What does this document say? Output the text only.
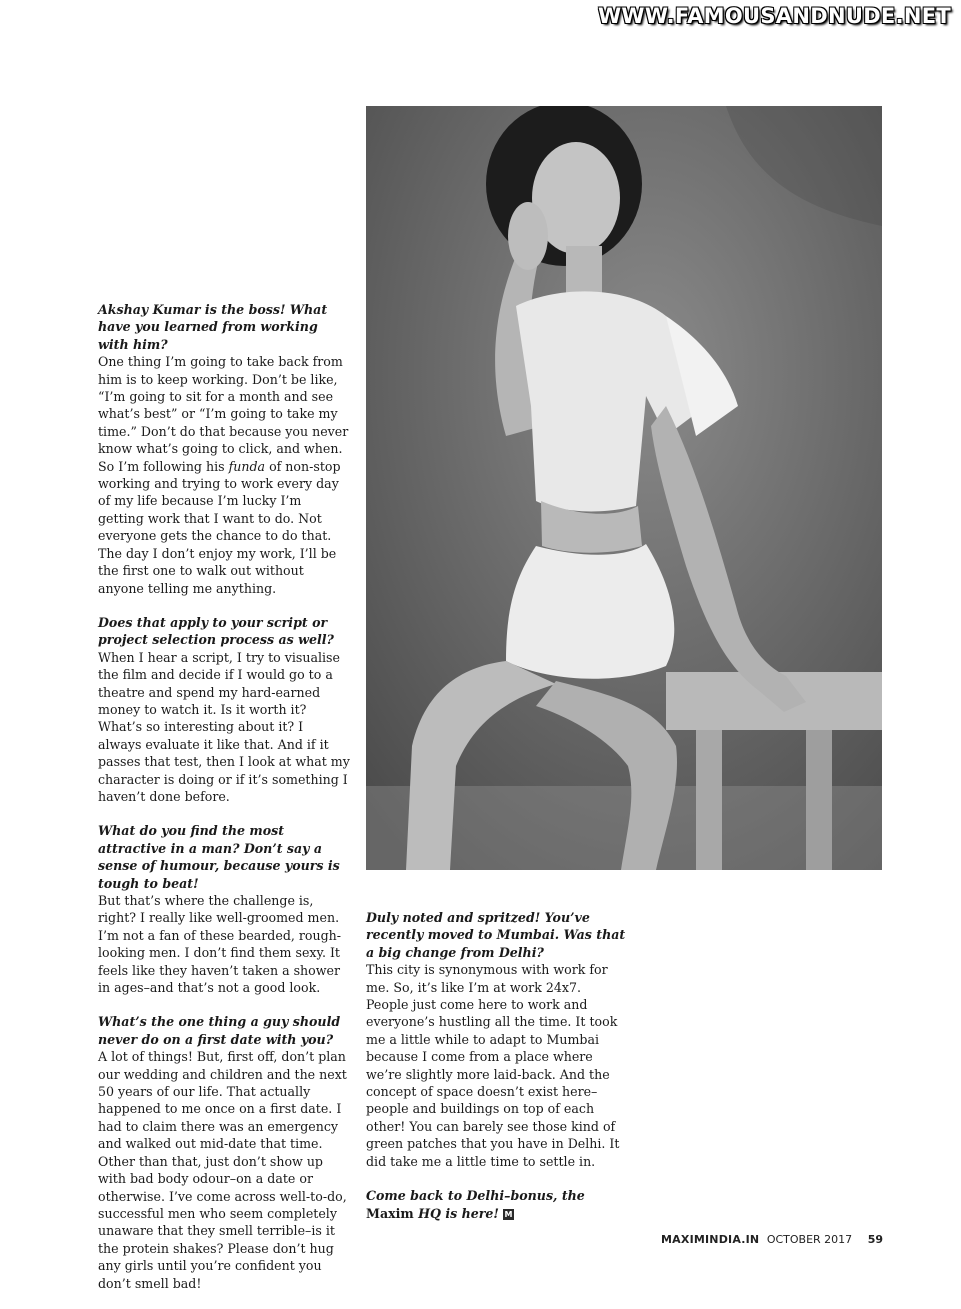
WWW.FAMOUSANDNUDE.NET

Akshay Kumar is the boss! What have you learned from working with him?

One thing I’m going to take back from him is to keep working. Don’t be like, “I’m going to sit for a month and see what’s best” or “I’m going to take my time.” Don’t do that because you never know what’s going to click, and when. So I’m following his funda of non-stop working and trying to work every day of my life because I’m lucky I’m getting work that I want to do. Not everyone gets the chance to do that. The day I don’t enjoy my work, I’ll be the first one to walk out without anyone telling me anything.

Does that apply to your script or project selection process as well?

When I hear a script, I try to visualise the film and decide if I would go to a theatre and spend my hard-earned money to watch it. Is it worth it? What’s so interesting about it? I always evaluate it like that. And if it passes that test, then I look at what my character is doing or if it’s something I haven’t done before.

What do you find the most attractive in a man? Don’t say a sense of humour, because yours is tough to beat!

But that’s where the challenge is, right? I really like well-groomed men. I’m not a fan of these bearded, rough-looking men. I don’t find them sexy. It feels like they haven’t taken a shower in ages–and that’s not a good look.

What’s the one thing a guy should never do on a first date with you?

A lot of things! But, first off, don’t plan our wedding and children and the next 50 years of our life. That actually happened to me once on a first date. I had to claim there was an emergency and walked out mid-date that time. Other than that, just don’t show up with bad body odour–on a date or otherwise. I’ve come across well-to-do, successful men who seem completely unaware that they smell terrible–is it the protein shakes? Please don’t hug any girls until you’re confident you don’t smell bad!

Duly noted and spritzed! You’ve recently moved to Mumbai. Was that a big change from Delhi?

This city is synonymous with work for me. So, it’s like I’m at work 24x7. People just come here to work and everyone’s hustling all the time. It took me a little while to adapt to Mumbai because I come from a place where we’re slightly more laid-back. And the concept of space doesn’t exist here–people and buildings on top of each other! You can barely see those kind of green patches that you have in Delhi. It did take me a little time to settle in.

Come back to Delhi–bonus, the Maxim HQ is here! M

MAXIMINDIA.IN OCTOBER 2017 59
